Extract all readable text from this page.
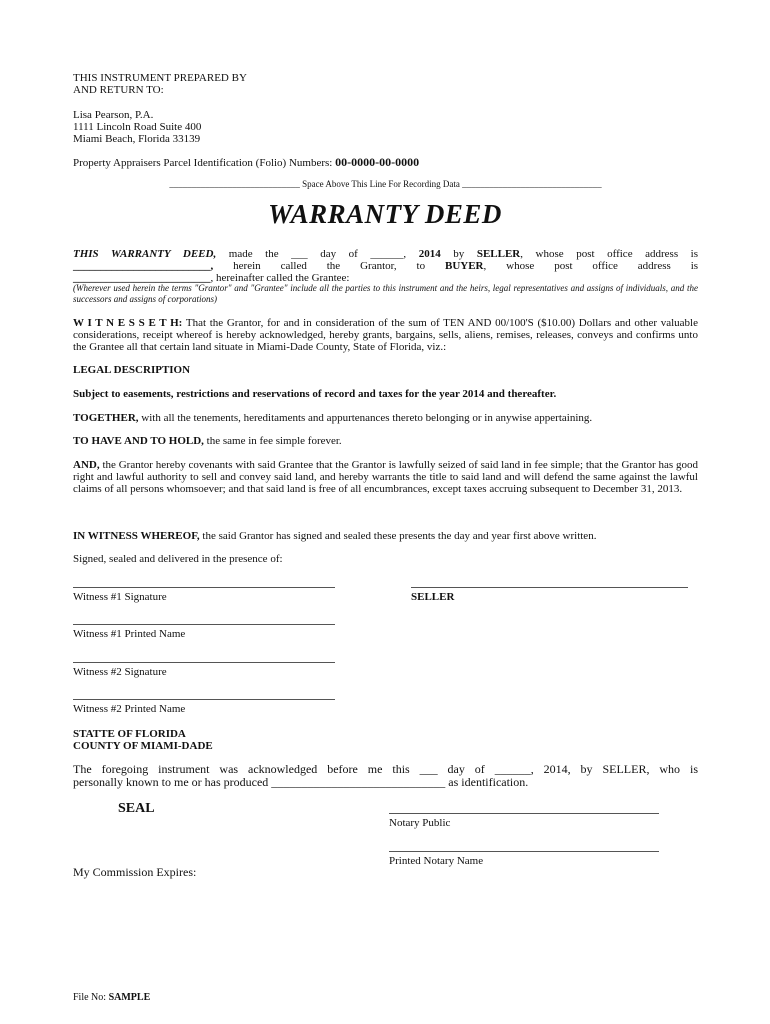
THIS INSTRUMENT PREPARED BY
AND RETURN TO:
Lisa Pearson, P.A.
1111 Lincoln Road Suite 400
Miami Beach, Florida 33139
Property Appraisers Parcel Identification (Folio) Numbers: 00-0000-00-0000
_____________________________ Space Above This Line For Recording Data _______________________________
WARRANTY DEED
THIS WARRANTY DEED, made the ___ day of ______, 2014 by SELLER, whose post office address is
_________________________, herein called the Grantor, to BUYER, whose post office address is
_________________________, hereinafter called the Grantee:
(Wherever used herein the terms "Grantor" and "Grantee" include all the parties to this instrument and the heirs, legal representatives and assigns of individuals, and the successors and assigns of corporations)
W I T N E S S E T H: That the Grantor, for and in consideration of the sum of TEN AND 00/100'S ($10.00) Dollars and other valuable considerations, receipt whereof is hereby acknowledged, hereby grants, bargains, sells, aliens, remises, releases, conveys and confirms unto the Grantee all that certain land situate in Miami-Dade County, State of Florida, viz.:
LEGAL DESCRIPTION
Subject to easements, restrictions and reservations of record and taxes for the year 2014 and thereafter.
TOGETHER, with all the tenements, hereditaments and appurtenances thereto belonging or in anywise appertaining.
TO HAVE AND TO HOLD, the same in fee simple forever.
AND, the Grantor hereby covenants with said Grantee that the Grantor is lawfully seized of said land in fee simple; that the Grantor has good right and lawful authority to sell and convey said land, and hereby warrants the title to said land and will defend the same against the lawful claims of all persons whomsoever; and that said land is free of all encumbrances, except taxes accruing subsequent to December 31, 2013.
IN WITNESS WHEREOF, the said Grantor has signed and sealed these presents the day and year first above written.
Signed, sealed and delivered in the presence of:
Witness #1 Signature	SELLER
Witness #1 Printed Name
Witness #2 Signature
Witness #2 Printed Name
STATTE OF FLORIDA
COUNTY OF MIAMI-DADE
The foregoing instrument was acknowledged before me this ___ day of ______, 2014, by SELLER, who is
personally known to me or has produced _____________________________ as identification.
SEAL
Notary Public
Printed Notary Name
My Commission Expires:
File No: SAMPLE
